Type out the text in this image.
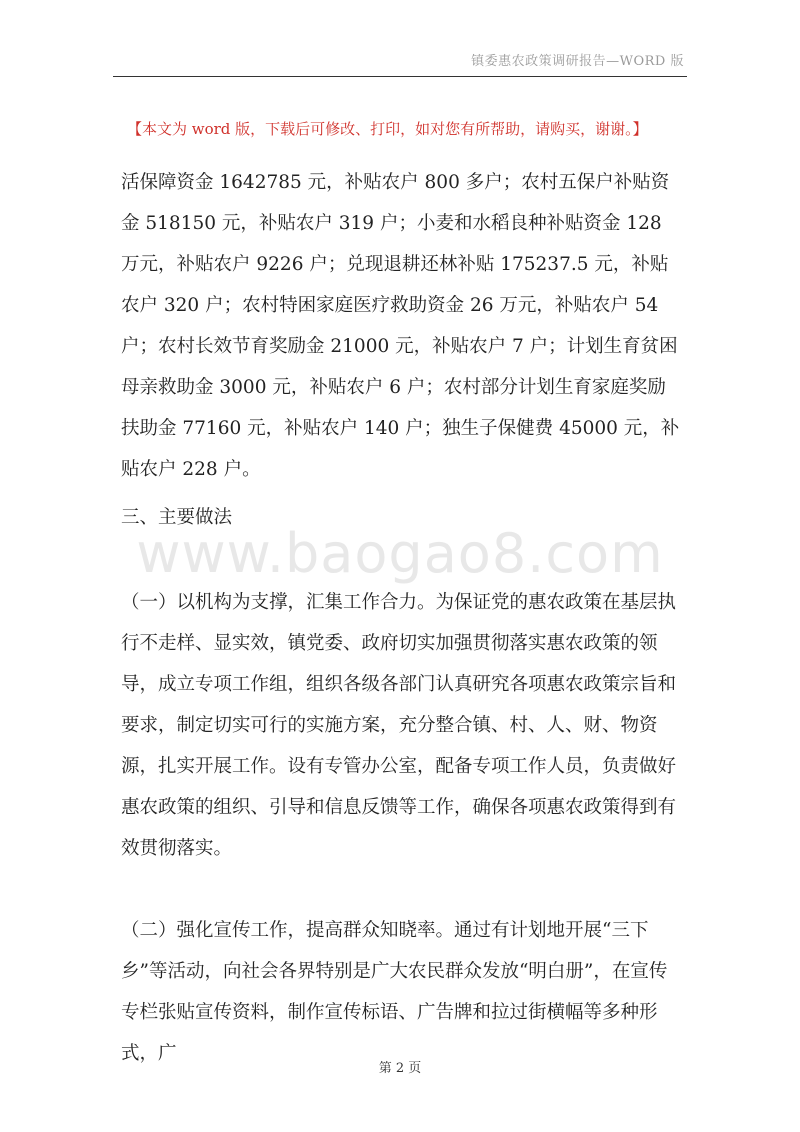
镇委惠农政策调研报告—WORD 版
【本文为 word 版，下载后可修改、打印，如对您有所帮助，请购买，谢谢。】

活保障资金 1642785 元，补贴农户 800 多户；农村五保户补贴资金 518150 元，补贴农户 319 户；小麦和水稻良种补贴资金 128 万元，补贴农户 9226 户；兑现退耕还林补贴 175237.5 元，补贴农户 320 户；农村特困家庭医疗救助资金 26 万元，补贴农户 54 户；农村长效节育奖励金 21000 元，补贴农户 7 户；计划生育贫困母亲救助金 3000 元，补贴农户 6 户；农村部分计划生育家庭奖励扶助金 77160 元，补贴农户 140 户；独生子保健费 45000 元，补贴农户 228 户。

三、主要做法

www.baogao8.com

（一）以机构为支撑，汇集工作合力。为保证党的惠农政策在基层执行不走样、显实效，镇党委、政府切实加强贯彻落实惠农政策的领导，成立专项工作组，组织各级各部门认真研究各项惠农政策宗旨和要求，制定切实可行的实施方案，充分整合镇、村、人、财、物资源，扎实开展工作。设有专管办公室，配备专项工作人员，负责做好惠农政策的组织、引导和信息反馈等工作，确保各项惠农政策得到有效贯彻落实。

（二）强化宣传工作，提高群众知晓率。通过有计划地开展“三下乡”等活动，向社会各界特别是广大农民群众发放“明白册”，在宣传专栏张贴宣传资料，制作宣传标语、广告牌和拉过街横幅等多种形式，广

第 2 页
